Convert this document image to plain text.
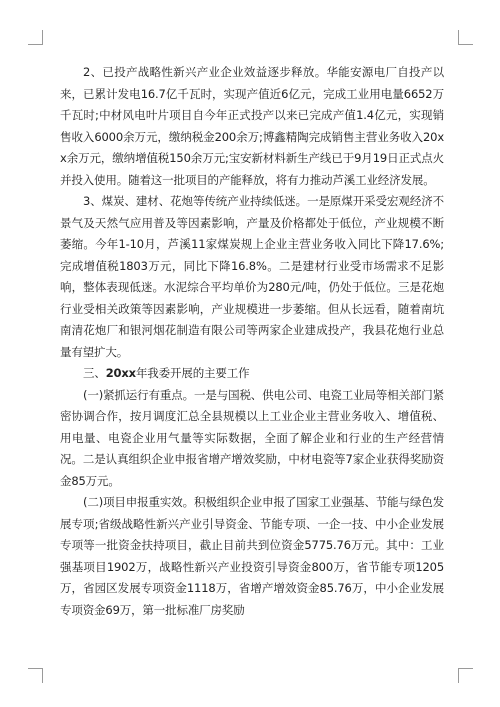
2、已投产战略性新兴产业企业效益逐步释放。华能安源电厂自投产以来，已累计发电16.7亿千瓦时，实现产值近6亿元，完成工业用电量6652万千瓦时;中材风电叶片项目自今年正式投产以来已完成产值1.4亿元，实现销售收入6000余万元，缴纳税金200余万;博鑫精陶完成销售主营业务收入20xx余万元，缴纳增值税150余万元;宝安新材料新生产线已于9月19日正式点火并投入使用。随着这一批项目的产能释放，将有力推动芦溪工业经济发展。

3、煤炭、建材、花炮等传统产业持续低迷。一是原煤开采受宏观经济不景气及天然气应用普及等因素影响，产量及价格都处于低位，产业规模不断萎缩。今年1-10月，芦溪11家煤炭规上企业主营业务收入同比下降17.6%;完成增值税1803万元，同比下降16.8%。二是建材行业受市场需求不足影响，整体表现低迷。水泥综合平均单价为280元/吨，仍处于低位。三是花炮行业受相关政策等因素影响，产业规模进一步萎缩。但从长远看，随着南坑南清花炮厂和银河烟花制造有限公司等两家企业建成投产，我县花炮行业总量有望扩大。

三、20xx年我委开展的主要工作

(一)紧抓运行有重点。一是与国税、供电公司、电瓷工业局等相关部门紧密协调合作，按月调度汇总全县规模以上工业企业主营业务收入、增值税、用电量、电瓷企业用气量等实际数据，全面了解企业和行业的生产经营情况。二是认真组织企业申报省增产增效奖励，中材电瓷等7家企业获得奖励资金85万元。

(二)项目申报重实效。积极组织企业申报了国家工业强基、节能与绿色发展专项;省级战略性新兴产业引导资金、节能专项、一企一技、中小企业发展专项等一批资金扶持项目，截止目前共到位资金5775.76万元。其中：工业强基项目1902万，战略性新兴产业投资引导资金800万，省节能专项1205万，省园区发展专项资金1118万，省增产增效资金85.76万，中小企业发展专项资金69万，第一批标准厂房奖励
